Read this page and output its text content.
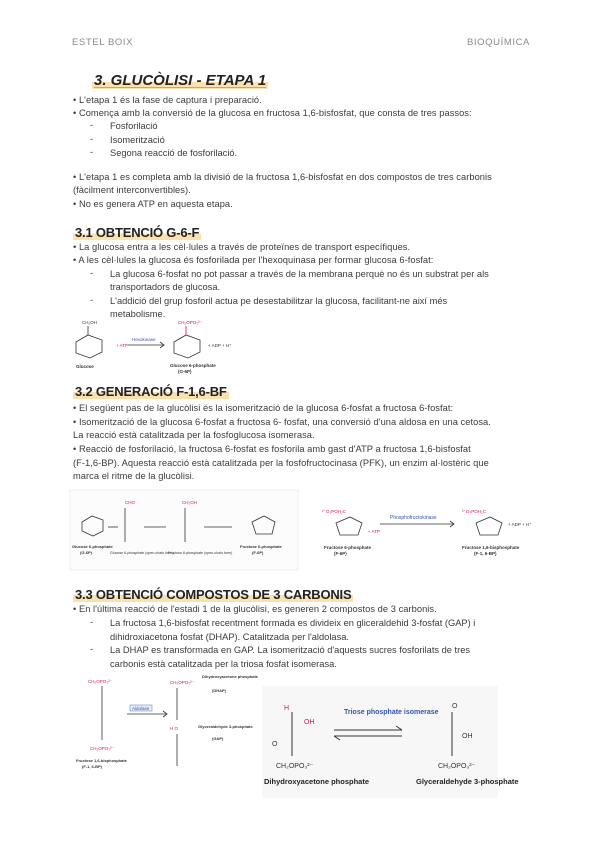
ESTEL BOIX	BIOQUÍMICA
3. GLUCÒLISI - ETAPA 1
• L'etapa 1 és la fase de captura i preparació.
• Comença amb la conversió de la glucosa en fructosa 1,6-bisfosfat, que consta de tres passos:
- Fosforilació
- Isomerització
- Segona reacció de fosforilació.
• L'etapa 1 es completa amb la divisió de la fructosa 1,6-bisfosfat en dos compostos de tres carbonis
(fàcilment interconvertibles).
• No es genera ATP en aquesta etapa.
3.1 OBTENCIÓ G-6-F
• La glucosa entra a les cèl·lules a través de proteïnes de transport específiques.
• A les cèl·lules la glucosa és fosforilada per l'hexoquinasa per formar glucosa 6-fosfat:
- La glucosa 6-fosfat no pot passar a través de la membrana perquè no és un substrat per als
transportadors de glucosa.
- L'addició del grup fosforil actua pe desestabilitzar la glucosa, facilitant-ne així més
metabolisme.
CH₂OH	CH₂OPO₃²⁻
Glucose
+ ATP
Hexokinase
Glucose 6-phosphate
(G-6P)
+ ADP + H⁺
3.2 GENERACIÓ F-1,6-BF
• El següent pas de la glucòlisi és la isomerització de la glucosa 6-fosfat a fructosa 6-fosfat:
• Isomerització de la glucosa 6-fosfat a fructosa 6- fosfat, una conversió d'una aldosa en una cetosa.
La reacció està catalitzada per la fosfoglucosa isomerasa.
• Reacció de fosforilació, la fructosa 6-fosfat es fosforila amb gast d'ATP a fructosa 1,6-bisfosfat
(F-1,6-BP). Aquesta reacció està catalitzada per la fosfofructocinasa (PFK), un enzim al·lostèric que
marca el ritme de la glucòlisi.
CHO	CH₂OH
Glucose 6-phosphate
(G-6P)	Glucose 6-phosphate (open-chain form)
Fructose 6-phosphate (open-chain form)
Fructose 6-phosphate
(F-6P)
²⁻O₃POH₂C	²⁻O₃POH₂C
Phosphofructokinase
+ ATP
Fructose 6-phosphate
(F-6P)
Fructose 1,6-bisphosphate
(F-1, 6-BP)
+ ADP + H⁺
3.3 OBTENCIÓ COMPOSTOS DE 3 CARBONIS
• En l'última reacció de l'estadi 1 de la glucòlisi, es generen 2 compostos de 3 carbonis.
- La fructosa 1,6-bisfosfat recentment formada es divideix en gliceraldehid 3-fosfat (GAP) i
dihidroxiacetona fosfat (DHAP). Catalitzada per l'aldolasa.
- La DHAP es transformada en GAP. La isomerització d'aquests sucres fosforilats de tres
carbonis està catalitzada per la triosa fosfat isomerasa.
CH₂OPO₃²⁻
CH₂OPO₃²⁻
CH₂OPO₃²⁻
H O
Aldolase
Fructose 1,6-bisphosphate
(F-1, 6-BP)
Dihydroxyacetone phosphate
(DHAP)
Glyceraldehyde 3-phosphate
(GAP)
H
OH
O
CH₂OPO₃²⁻
O
OH
CH₂OPO₃²⁻
Triose phosphate isomerase
Dihydroxyacetone phosphate	Glyceraldehyde 3-phosphate
